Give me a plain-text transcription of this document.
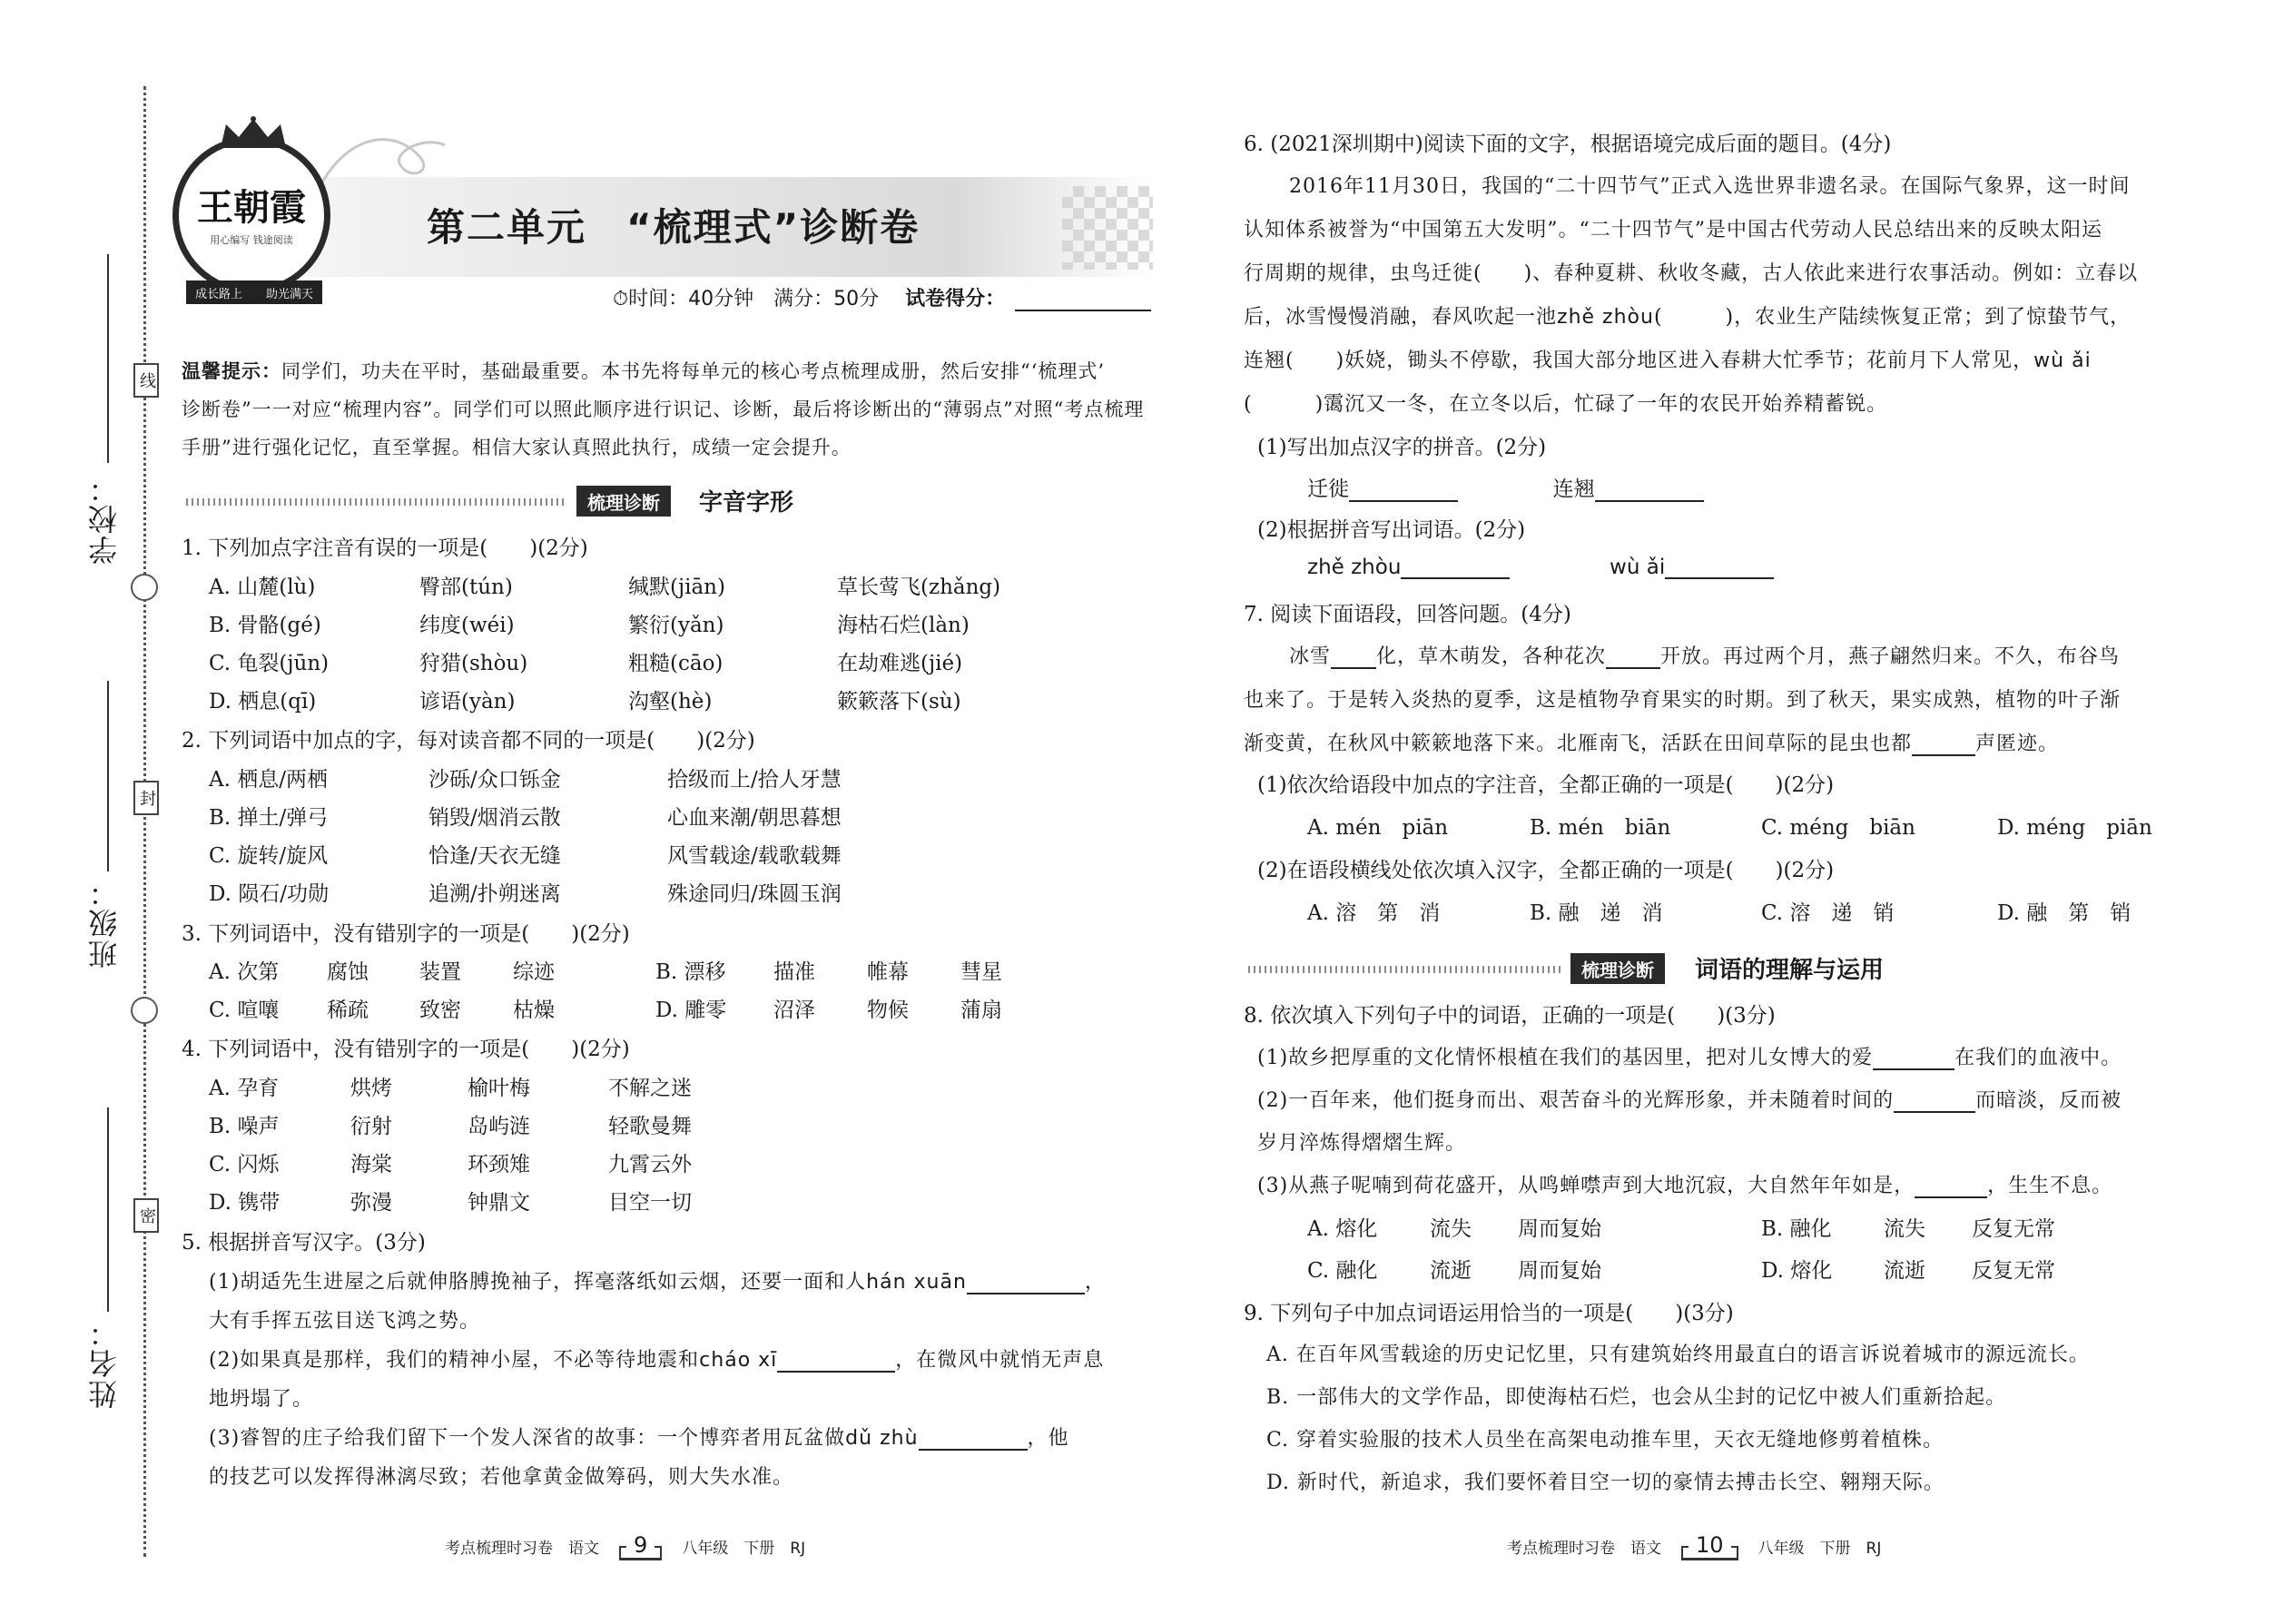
学校：
班级：
姓名：
线
封
密
王朝霞
用心编写 钱途阅读
成长路上 助光满天
第二单元　“梳理式”诊断卷
⏱时间：40分钟　满分：50分 试卷得分：
温馨提示：同学们，功夫在平时，基础最重要。本书先将每单元的核心考点梳理成册，然后安排“‘梳理式’
诊断卷”一一对应“梳理内容”。同学们可以照此顺序进行识记、诊断，最后将诊断出的“薄弱点”对照“考点梳理
手册”进行强化记忆，直至掌握。相信大家认真照此执行，成绩一定会提升。
梳理诊断	字音字形
1. 下列加点字注音有误的一项是(　　)(2分)
A. 山麓(lù)	臀部(tún)	缄默(jiān)	草长莺飞(zhǎng)
B. 骨骼(gé)	纬度(wéi)	繁衍(yǎn)	海枯石烂(làn)
C. 龟裂(jūn)	狩猎(shòu)	粗糙(cāo)	在劫难逃(jié)
D. 栖息(qī)	谚语(yàn)	沟壑(hè)	簌簌落下(sù)
2. 下列词语中加点的字，每对读音都不同的一项是(　　)(2分)
A. 栖息/两栖	沙砾/众口铄金	拾级而上/拾人牙慧
B. 掸土/弹弓	销毁/烟消云散	心血来潮/朝思暮想
C. 旋转/旋风	恰逢/天衣无缝	风雪载途/载歌载舞
D. 陨石/功勋	追溯/扑朔迷离	殊途同归/珠圆玉润
3. 下列词语中，没有错别字的一项是(　　)(2分)
A. 次第 腐蚀 装置 综迹	B. 漂移 描准 帷幕 彗星
C. 喧嚷 稀疏 致密 枯燥	D. 雕零 沼泽 物候 蒲扇
4. 下列词语中，没有错别字的一项是(　　)(2分)
A. 孕育	烘烤	榆叶梅	不解之迷
B. 噪声	衍射	岛屿涟	轻歌曼舞
C. 闪烁	海棠	环颈雉	九霄云外
D. 镌带	弥漫	钟鼎文	目空一切
5. 根据拼音写汉字。(3分)
(1)胡适先生进屋之后就伸胳膊挽袖子，挥毫落纸如云烟，还要一面和人hán xuān	，
大有手挥五弦目送飞鸿之势。
(2)如果真是那样，我们的精神小屋，不必等待地震和cháo xī	，在微风中就悄无声息
地坍塌了。
(3)睿智的庄子给我们留下一个发人深省的故事：一个博弈者用瓦盆做dǔ zhù	，他
的技艺可以发挥得淋漓尽致；若他拿黄金做筹码，则大失水准。
考点梳理时习卷　语文	9	八年级　下册　RJ
6. (2021深圳期中)阅读下面的文字，根据语境完成后面的题目。(4分)
2016年11月30日，我国的“二十四节气”正式入选世界非遗名录。在国际气象界，这一时间
认知体系被誉为“中国第五大发明”。“二十四节气”是中国古代劳动人民总结出来的反映太阳运
行周期的规律，虫鸟迁徙(　　)、春种夏耕、秋收冬藏，古人依此来进行农事活动。例如：立春以
后，冰雪慢慢消融，春风吹起一池zhě zhòu(　　　)，农业生产陆续恢复正常；到了惊蛰节气，
连翘(　　)妖娆，锄头不停歇，我国大部分地区进入春耕大忙季节；花前月下人常见，wù ǎi
(　　　)霭沉又一冬，在立冬以后，忙碌了一年的农民开始养精蓄锐。
(1)写出加点汉字的拼音。(2分)
迁徙	连翘
(2)根据拼音写出词语。(2分)
zhě zhòu	wù ǎi
7. 阅读下面语段，回答问题。(4分)
冰雪 化，草木萌发，各种花次	开放。再过两个月，燕子翩然归来。不久，布谷鸟
也来了。于是转入炎热的夏季，这是植物孕育果实的时期。到了秋天，果实成熟，植物的叶子渐
渐变黄，在秋风中簌簌地落下来。北雁南飞，活跃在田间草际的昆虫也都	声匿迹。
(1)依次给语段中加点的字注音，全都正确的一项是(　　)(2分)
A. mén　piān	B. mén　biān	C. méng　biān	D. méng　piān
(2)在语段横线处依次填入汉字，全都正确的一项是(　　)(2分)
A. 溶　第　消	B. 融　递　消	C. 溶　递　销	D. 融　第　销
梳理诊断	词语的理解与运用
8. 依次填入下列句子中的词语，正确的一项是(　　)(3分)
(1)故乡把厚重的文化情怀根植在我们的基因里，把对儿女博大的爱	在我们的血液中。
(2)一百年来，他们挺身而出、艰苦奋斗的光辉形象，并未随着时间的	而暗淡，反而被
岁月淬炼得熠熠生辉。
(3)从燕子呢喃到荷花盛开，从鸣蝉噤声到大地沉寂，大自然年年如是，	，生生不息。
A. 熔化	流失 周而复始	B. 融化 流失 反复无常
C. 融化	流逝 周而复始	D. 熔化 流逝 反复无常
9. 下列句子中加点词语运用恰当的一项是(　　)(3分)
A. 在百年风雪载途的历史记忆里，只有建筑始终用最直白的语言诉说着城市的源远流长。
B. 一部伟大的文学作品，即使海枯石烂，也会从尘封的记忆中被人们重新拾起。
C. 穿着实验服的技术人员坐在高架电动推车里，天衣无缝地修剪着植株。
D. 新时代，新追求，我们要怀着目空一切的豪情去搏击长空、翱翔天际。
考点梳理时习卷　语文	10	八年级　下册　RJ
